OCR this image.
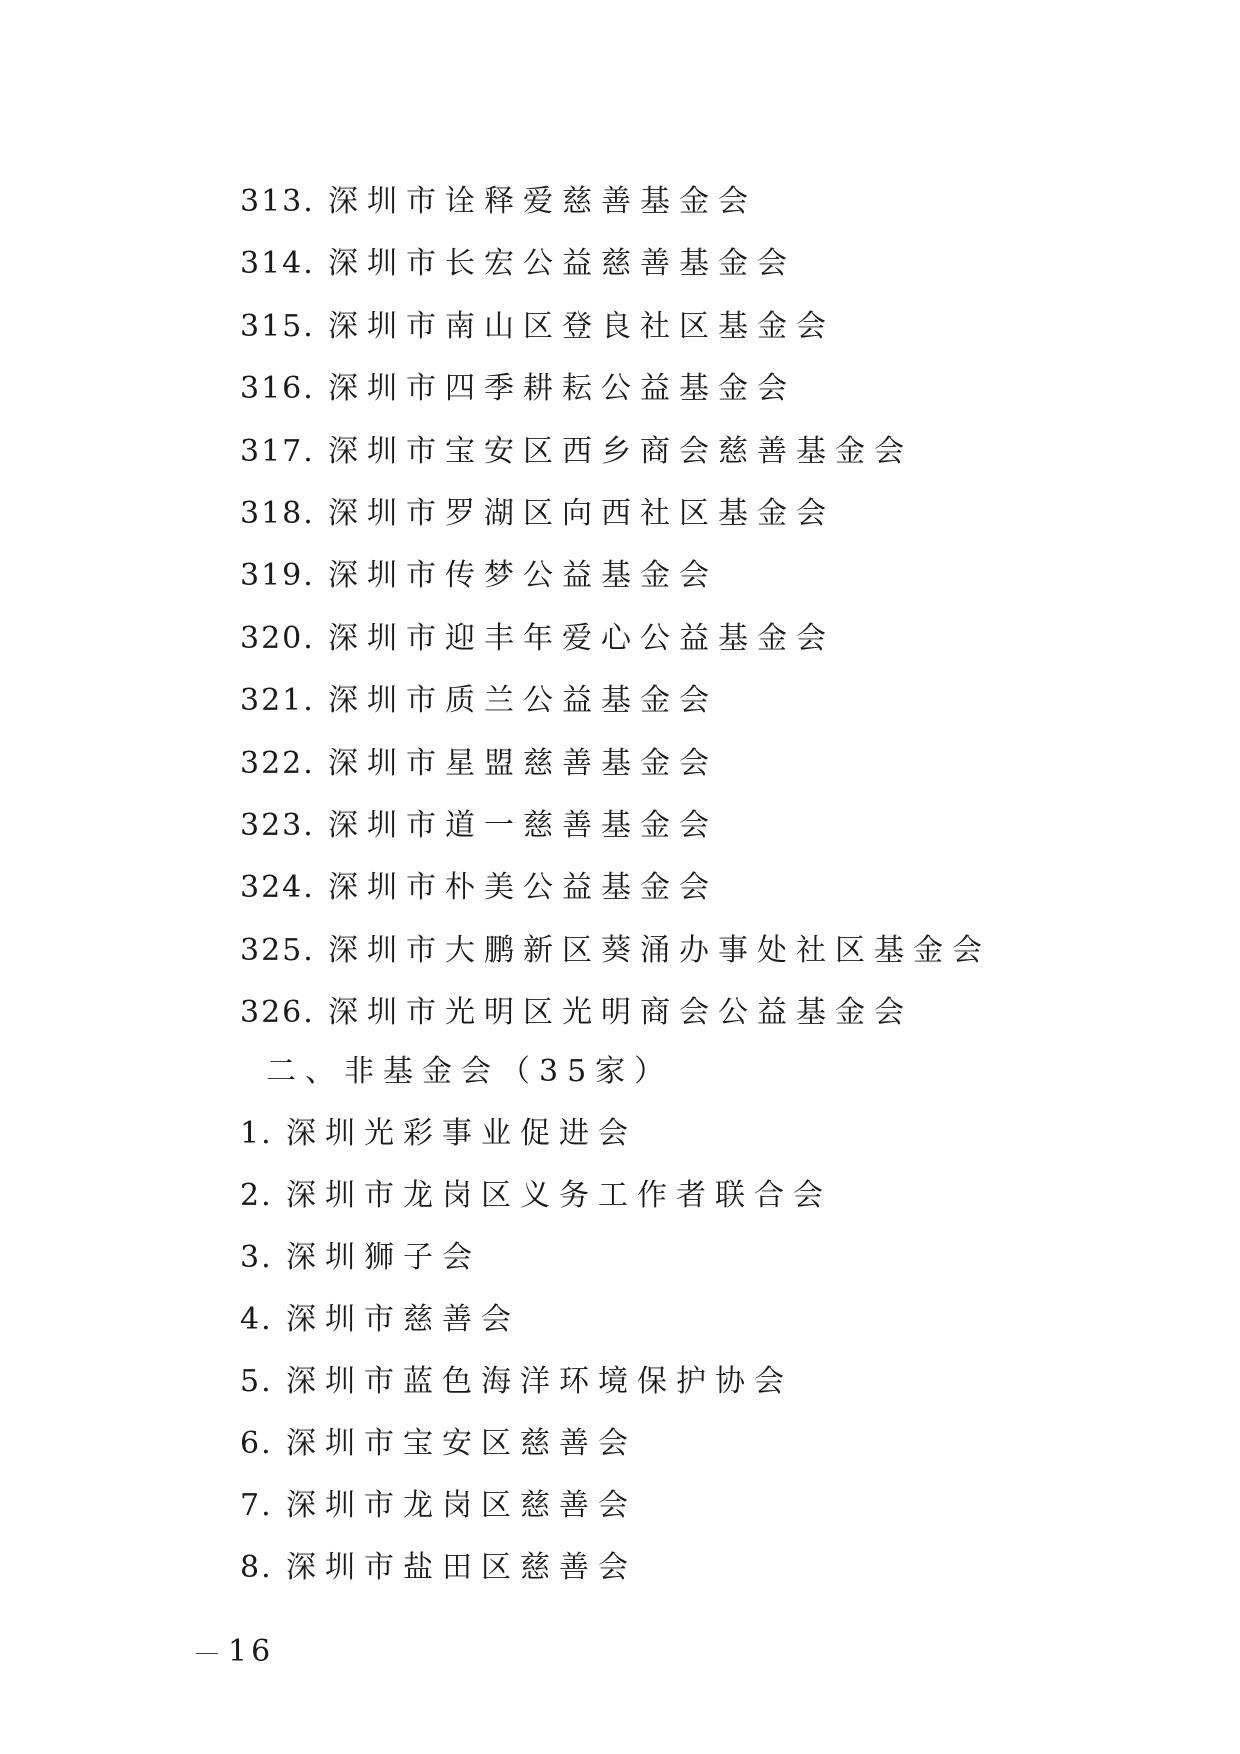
313. 深圳市诠释爱慈善基金会
314. 深圳市长宏公益慈善基金会
315. 深圳市南山区登良社区基金会
316. 深圳市四季耕耘公益基金会
317. 深圳市宝安区西乡商会慈善基金会
318. 深圳市罗湖区向西社区基金会
319. 深圳市传梦公益基金会
320. 深圳市迎丰年爱心公益基金会
321. 深圳市质兰公益基金会
322. 深圳市星盟慈善基金会
323. 深圳市道一慈善基金会
324. 深圳市朴美公益基金会
325. 深圳市大鹏新区葵涌办事处社区基金会
326. 深圳市光明区光明商会公益基金会
二、非基金会（35家）
1. 深圳光彩事业促进会
2. 深圳市龙岗区义务工作者联合会
3. 深圳狮子会
4. 深圳市慈善会
5. 深圳市蓝色海洋环境保护协会
6. 深圳市宝安区慈善会
7. 深圳市龙岗区慈善会
8. 深圳市盐田区慈善会
16
